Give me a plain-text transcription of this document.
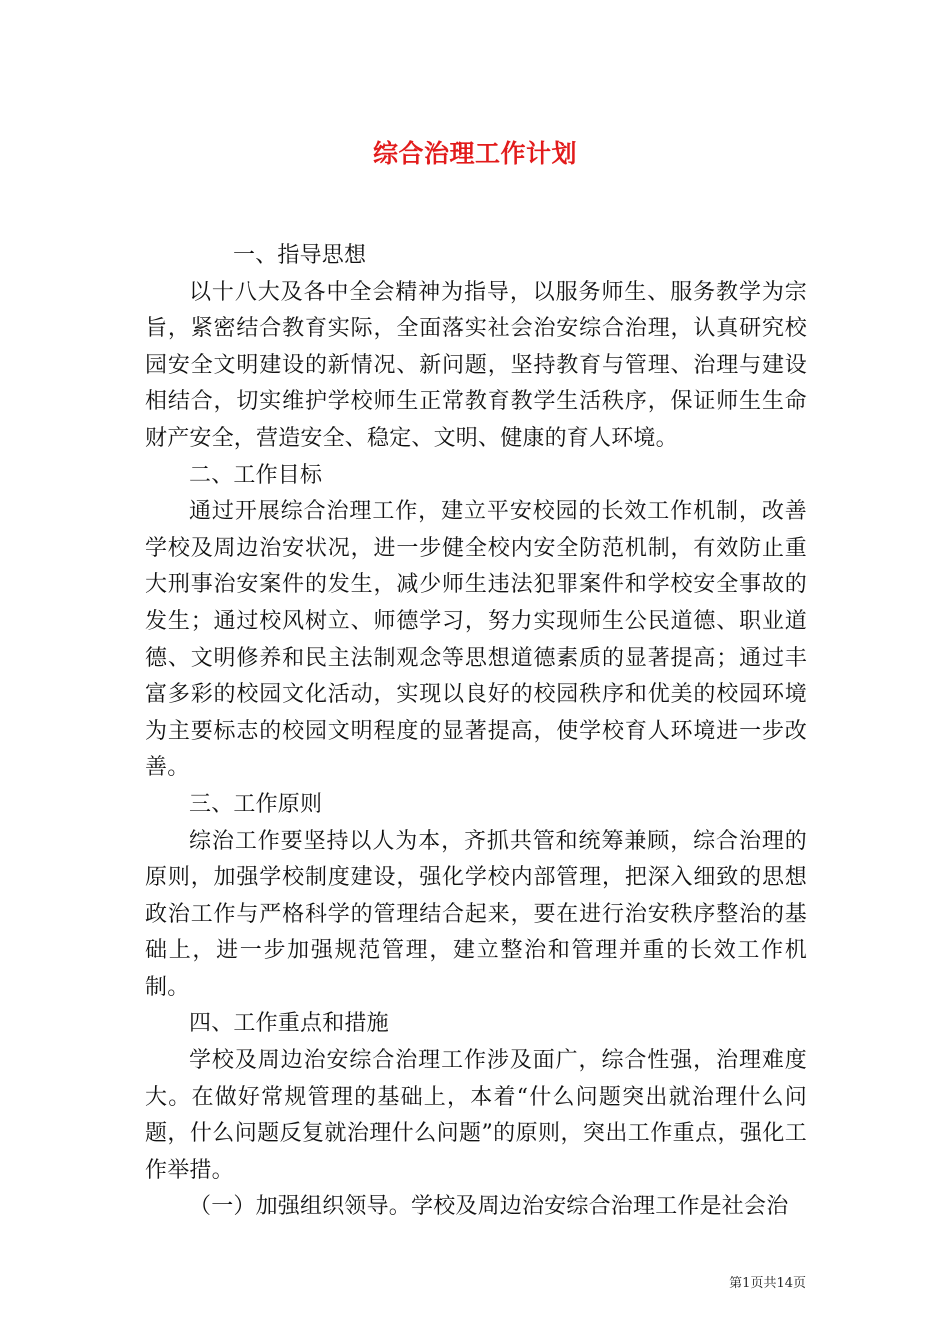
综合治理工作计划

一、指导思想

以十八大及各中全会精神为指导，以服务师生、服务教学为宗旨，紧密结合教育实际，全面落实社会治安综合治理，认真研究校园安全文明建设的新情况、新问题，坚持教育与管理、治理与建设相结合，切实维护学校师生正常教育教学生活秩序，保证师生生命财产安全，营造安全、稳定、文明、健康的育人环境。

二、工作目标

通过开展综合治理工作，建立平安校园的长效工作机制，改善学校及周边治安状况，进一步健全校内安全防范机制，有效防止重大刑事治安案件的发生，减少师生违法犯罪案件和学校安全事故的发生；通过校风树立、师德学习，努力实现师生公民道德、职业道德、文明修养和民主法制观念等思想道德素质的显著提高；通过丰富多彩的校园文化活动，实现以良好的校园秩序和优美的校园环境为主要标志的校园文明程度的显著提高，使学校育人环境进一步改善。

三、工作原则

综治工作要坚持以人为本，齐抓共管和统筹兼顾，综合治理的原则，加强学校制度建设，强化学校内部管理，把深入细致的思想政治工作与严格科学的管理结合起来，要在进行治安秩序整治的基础上，进一步加强规范管理，建立整治和管理并重的长效工作机制。

四、工作重点和措施

学校及周边治安综合治理工作涉及面广，综合性强，治理难度大。在做好常规管理的基础上，本着“什么问题突出就治理什么问题，什么问题反复就治理什么问题”的原则，突出工作重点，强化工作举措。

（一）加强组织领导。学校及周边治安综合治理工作是社会治

第1页共14页
